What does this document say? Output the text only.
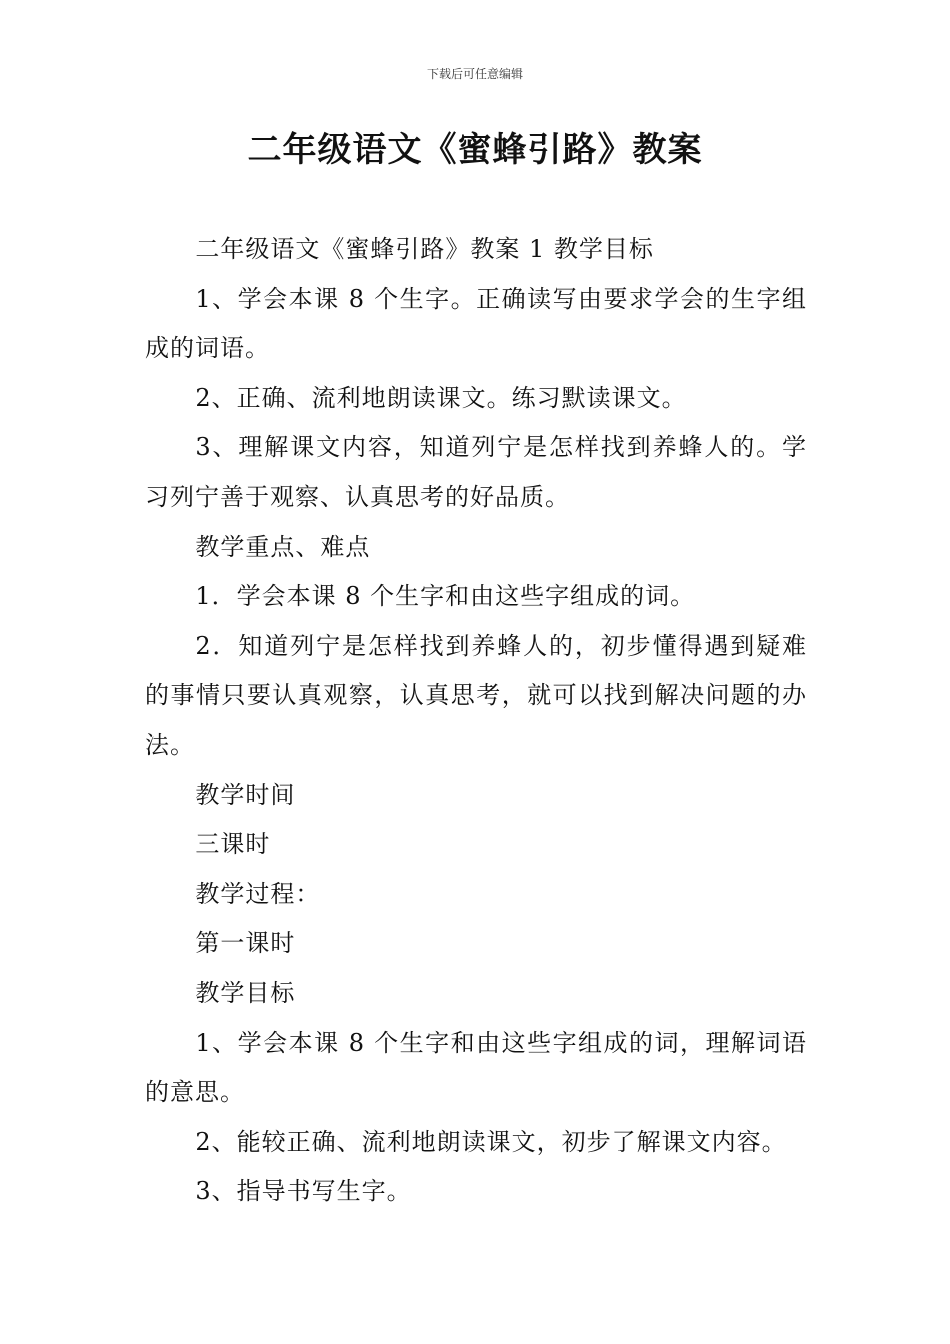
下载后可任意编辑
二年级语文《蜜蜂引路》教案

二年级语文《蜜蜂引路》教案 1 教学目标

1、学会本课 8 个生字。正确读写由要求学会的生字组成的词语。

2、正确、流利地朗读课文。练习默读课文。

3、理解课文内容，知道列宁是怎样找到养蜂人的。学习列宁善于观察、认真思考的好品质。

教学重点、难点

1．学会本课 8 个生字和由这些字组成的词。

2．知道列宁是怎样找到养蜂人的，初步懂得遇到疑难的事情只要认真观察，认真思考，就可以找到解决问题的办法。

教学时间

三课时

教学过程：

第一课时

教学目标

1、学会本课 8 个生字和由这些字组成的词，理解词语的意思。

2、能较正确、流利地朗读课文，初步了解课文内容。

3、指导书写生字。
